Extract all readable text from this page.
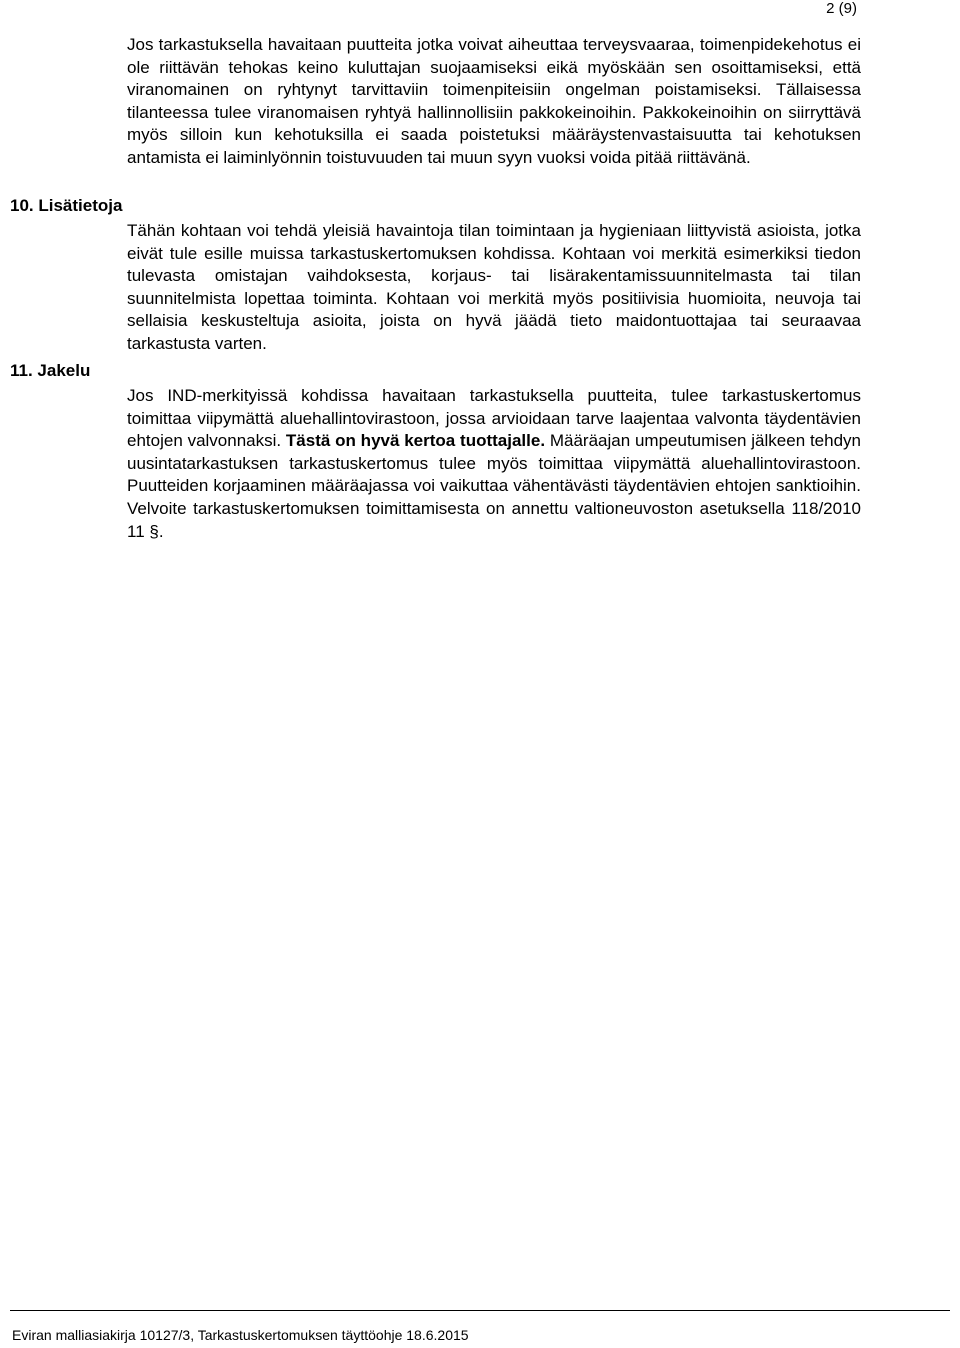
2 (9)

Jos tarkastuksella havaitaan puutteita jotka voivat aiheuttaa terveysvaaraa, toimenpidekehotus ei ole riittävän tehokas keino kuluttajan suojaamiseksi eikä myöskään sen osoittamiseksi, että viranomainen on ryhtynyt tarvittaviin toimenpiteisiin ongelman poistamiseksi. Tällaisessa tilanteessa tulee viranomaisen ryhtyä hallinnollisiin pakkokeinoihin. Pakkokeinoihin on siirryttävä myös silloin kun kehotuksilla ei saada poistetuksi määräystenvastaisuutta tai kehotuksen antamista ei laiminlyönnin toistuvuuden tai muun syyn vuoksi voida pitää riittävänä.

10. Lisätietoja

Tähän kohtaan voi tehdä yleisiä havaintoja tilan toimintaan ja hygieniaan liittyvistä asioista, jotka eivät tule esille muissa tarkastuskertomuksen kohdissa. Kohtaan voi merkitä esimerkiksi tiedon tulevasta omistajan vaihdoksesta, korjaus- tai lisärakentamissuunnitelmasta tai tilan suunnitelmista lopettaa toiminta. Kohtaan voi merkitä myös positiivisia huomioita, neuvoja tai sellaisia keskusteltuja asioita, joista on hyvä jäädä tieto maidontuottajaa tai seuraavaa tarkastusta varten.

11. Jakelu

Jos IND-merkityissä kohdissa havaitaan tarkastuksella puutteita, tulee tarkastuskertomus toimittaa viipymättä aluehallintovirastoon, jossa arvioidaan tarve laajentaa valvonta täydentävien ehtojen valvonnaksi. Tästä on hyvä kertoa tuottajalle. Määräajan umpeutumisen jälkeen tehdyn uusintatarkastuksen tarkastuskertomus tulee myös toimittaa viipymättä aluehallintovirastoon. Puutteiden korjaaminen määräajassa voi vaikuttaa vähentävästi täydentävien ehtojen sanktioihin. Velvoite tarkastuskertomuksen toimittamisesta on annettu valtioneuvoston asetuksella 118/2010 11 §.

Eviran malliasiakirja 10127/3, Tarkastuskertomuksen täyttöohje 18.6.2015
